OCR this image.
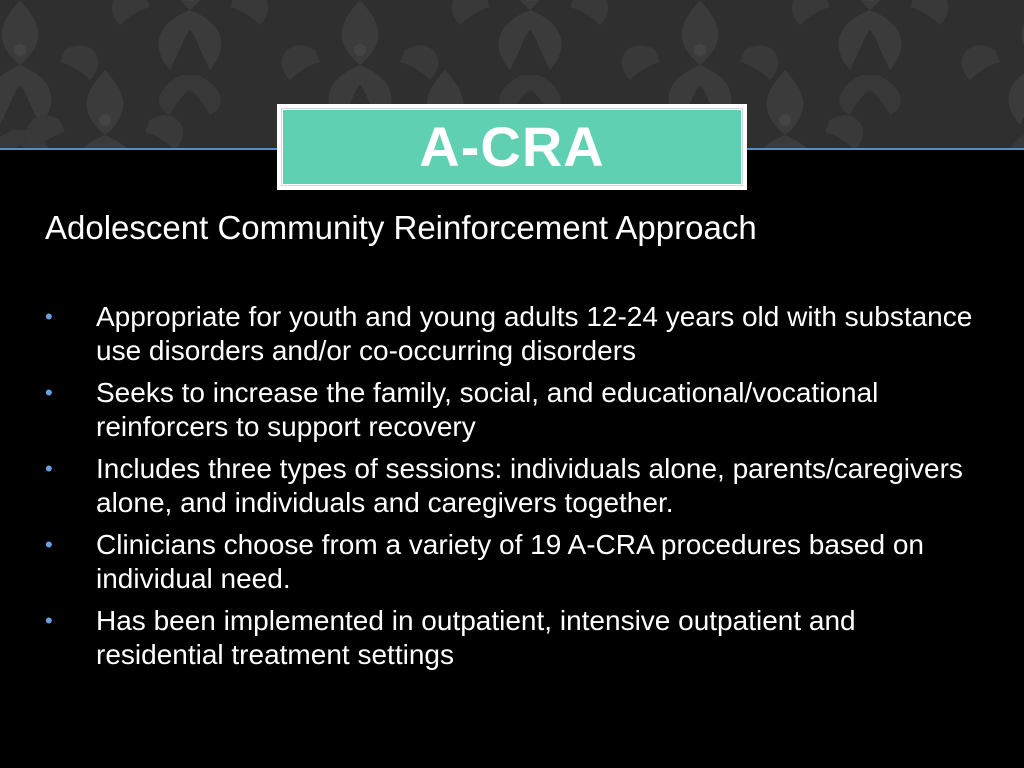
A-CRA
Adolescent Community Reinforcement Approach
• Appropriate for youth and young adults 12-24 years old with substance use disorders and/or co-occurring disorders
• Seeks to increase the family, social, and educational/vocational reinforcers to support recovery
• Includes three types of sessions: individuals alone, parents/caregivers alone, and individuals and caregivers together.
• Clinicians choose from a variety of 19 A-CRA procedures based on individual need.
• Has been implemented in outpatient, intensive outpatient and residential treatment settings
